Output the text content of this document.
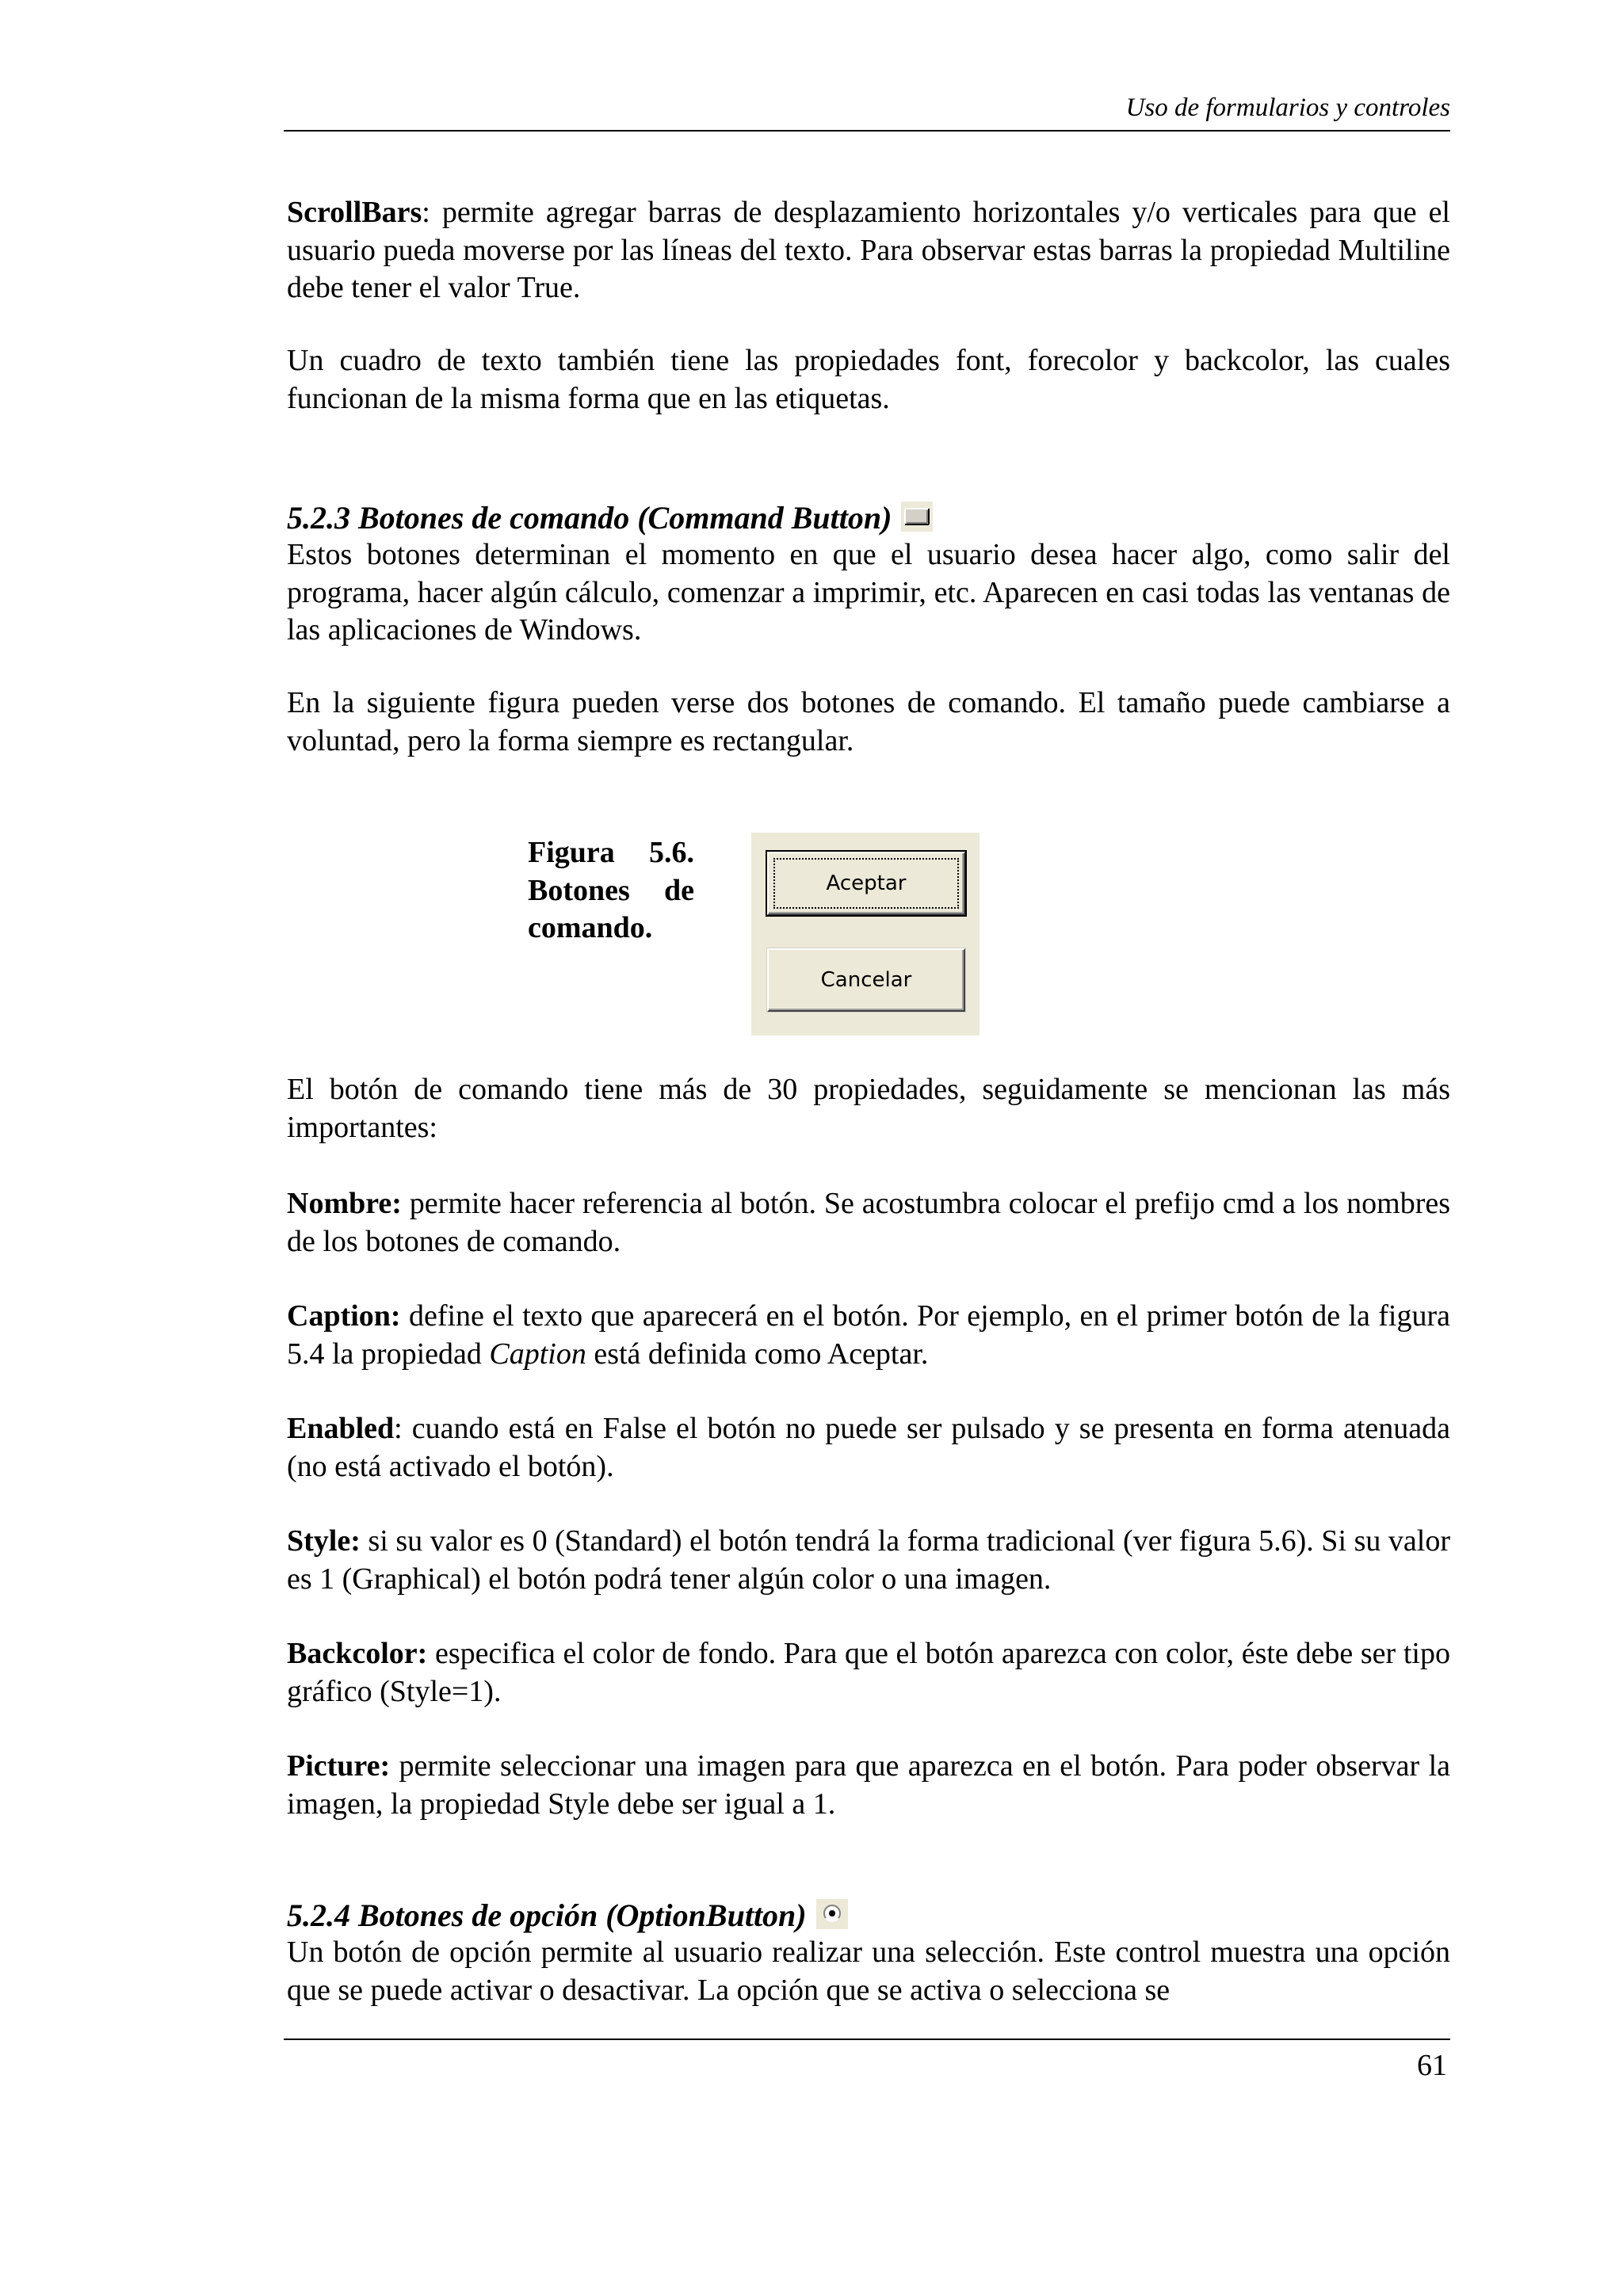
Uso de formularios y controles
ScrollBars: permite agregar barras de desplazamiento horizontales y/o verticales para que el usuario pueda moverse por las líneas del texto. Para observar estas barras la propiedad Multiline debe tener el valor True.
Un cuadro de texto también tiene las propiedades font, forecolor y backcolor, las cuales funcionan de la misma forma que en las etiquetas.
5.2.3 Botones de comando (Command Button)
Estos botones determinan el momento en que el usuario desea hacer algo, como salir del programa, hacer algún cálculo, comenzar a imprimir, etc. Aparecen en casi todas las ventanas de las aplicaciones de Windows.
En la siguiente figura pueden verse dos botones de comando. El tamaño puede cambiarse a voluntad, pero la forma siempre es rectangular.
Figura 5.6.
Botones de
comando.
Aceptar
Cancelar
El botón de comando tiene más de 30 propiedades, seguidamente se mencionan las más importantes:
Nombre: permite hacer referencia al botón. Se acostumbra colocar el prefijo cmd a los nombres de los botones de comando.
Caption: define el texto que aparecerá en el botón. Por ejemplo, en el primer botón de la figura 5.4 la propiedad Caption está definida como Aceptar.
Enabled: cuando está en False el botón no puede ser pulsado y se presenta en forma atenuada (no está activado el botón).
Style: si su valor es 0 (Standard) el botón tendrá la forma tradicional (ver figura 5.6). Si su valor es 1 (Graphical) el botón podrá tener algún color o una imagen.
Backcolor: especifica el color de fondo. Para que el botón aparezca con color, éste debe ser tipo gráfico (Style=1).
Picture: permite seleccionar una imagen para que aparezca en el botón. Para poder observar la imagen, la propiedad Style debe ser igual a 1.
5.2.4 Botones de opción (OptionButton)
Un botón de opción permite al usuario realizar una selección. Este control muestra una opción que se puede activar o desactivar. La opción que se activa o selecciona se
61
